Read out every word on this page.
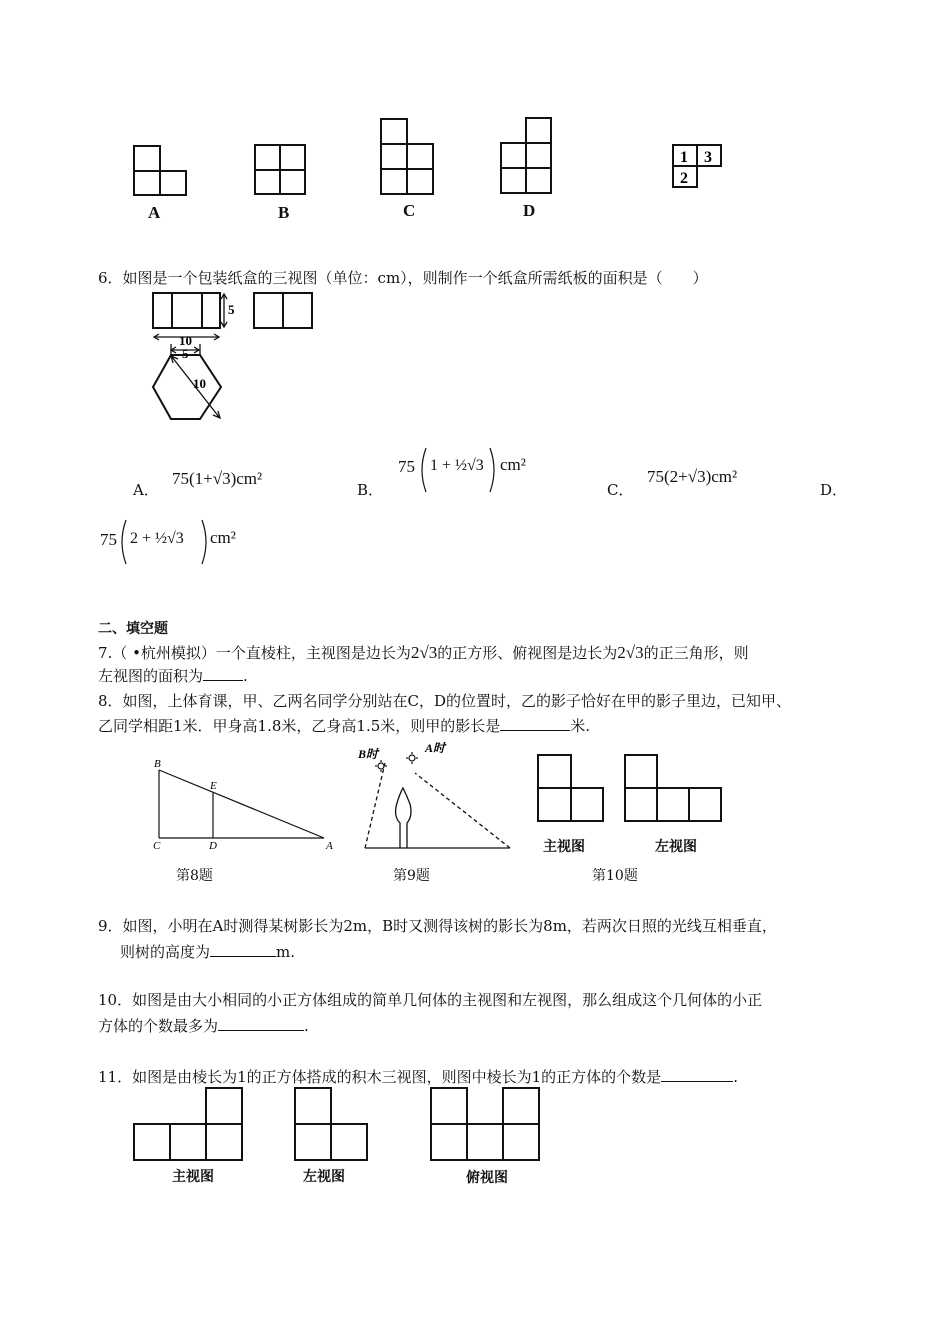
A	B	C	D
1 3
2
6．如图是一个包装纸盒的三视图（单位：cm），则制作一个纸盒所需纸板的面积是（　　）
5
10
5
10
A．
75(1+√3)cm²
B．
75 1 + ½√3 cm²
C．
75(2+√3)cm²
D．
75 2 + ½√3 cm²
二、填空题
7.（ •杭州模拟）一个直棱柱，主视图是边长为2√3的正方形、俯视图是边长为2√3的正三角形，则
左视图的面积为	.
8．如图，上体育课，甲、乙两名同学分别站在C，D的位置时，乙的影子恰好在甲的影子里边，已知甲、
乙同学相距1米．甲身高1.8米，乙身高1.5米，则甲的影长是	米.
B
E
C	D	A
第8题
B时	A时
第9题
主视图	左视图
第10题
9．如图，小明在A时测得某树影长为2m，B时又测得该树的影长为8m，若两次日照的光线互相垂直，
则树的高度为	m.
10．如图是由大小相同的小正方体组成的简单几何体的主视图和左视图，那么组成这个几何体的小正
方体的个数最多为	.
11．如图是由棱长为1的正方体搭成的积木三视图，则图中棱长为1的正方体的个数是	.
主视图	左视图	俯视图
